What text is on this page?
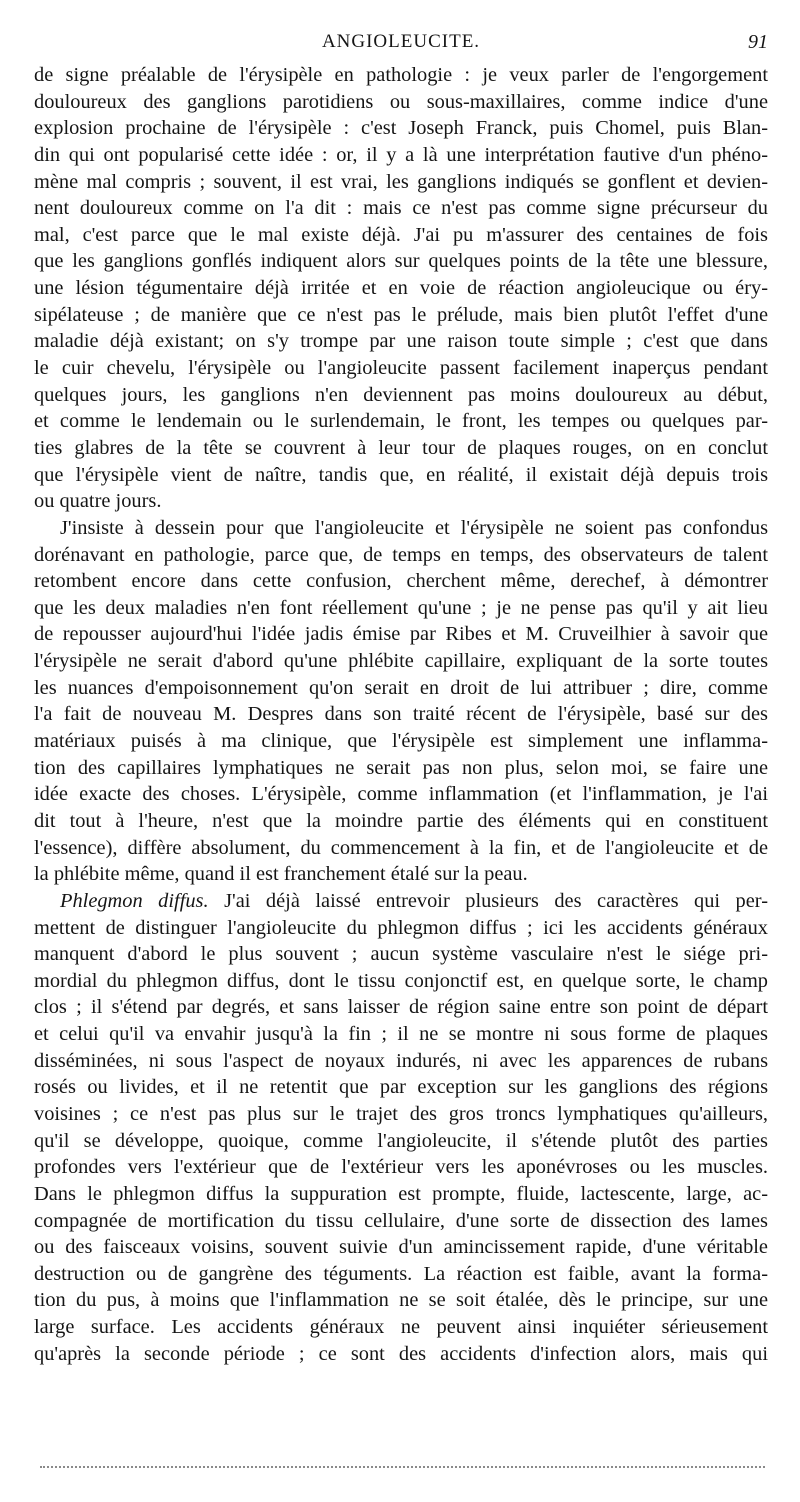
ANGIOLEUCITE.	91
de signe préalable de l'érysipèle en pathologie : je veux parler de l'engorgement
douloureux des ganglions parotidiens ou sous-maxillaires, comme indice d'une
explosion prochaine de l'érysipèle : c'est Joseph Franck, puis Chomel, puis Blan-
din qui ont popularisé cette idée : or, il y a là une interprétation fautive d'un phéno-
mène mal compris ; souvent, il est vrai, les ganglions indiqués se gonflent et devien-
nent douloureux comme on l'a dit : mais ce n'est pas comme signe précurseur du
mal, c'est parce que le mal existe déjà. J'ai pu m'assurer des centaines de fois
que les ganglions gonflés indiquent alors sur quelques points de la tête une blessure,
une lésion tégumentaire déjà irritée et en voie de réaction angioleucique ou éry-
sipélateuse ; de manière que ce n'est pas le prélude, mais bien plutôt l'effet d'une
maladie déjà existant; on s'y trompe par une raison toute simple ; c'est que dans
le cuir chevelu, l'érysipèle ou l'angioleucite passent facilement inaperçus pendant
quelques jours, les ganglions n'en deviennent pas moins douloureux au début,
et comme le lendemain ou le surlendemain, le front, les tempes ou quelques par-
ties glabres de la tête se couvrent à leur tour de plaques rouges, on en conclut
que l'érysipèle vient de naître, tandis que, en réalité, il existait déjà depuis trois
ou quatre jours.
J'insiste à dessein pour que l'angioleucite et l'érysipèle ne soient pas confondus
dorénavant en pathologie, parce que, de temps en temps, des observateurs de talent
retombent encore dans cette confusion, cherchent même, derechef, à démontrer
que les deux maladies n'en font réellement qu'une ; je ne pense pas qu'il y ait lieu
de repousser aujourd'hui l'idée jadis émise par Ribes et M. Cruveilhier à savoir que
l'érysipèle ne serait d'abord qu'une phlébite capillaire, expliquant de la sorte toutes
les nuances d'empoisonnement qu'on serait en droit de lui attribuer ; dire, comme
l'a fait de nouveau M. Despres dans son traité récent de l'érysipèle, basé sur des
matériaux puisés à ma clinique, que l'érysipèle est simplement une inflamma-
tion des capillaires lymphatiques ne serait pas non plus, selon moi, se faire une
idée exacte des choses. L'érysipèle, comme inflammation (et l'inflammation, je l'ai
dit tout à l'heure, n'est que la moindre partie des éléments qui en constituent
l'essence), diffère absolument, du commencement à la fin, et de l'angioleucite et de
la phlébite même, quand il est franchement étalé sur la peau.
Phlegmon diffus. J'ai déjà laissé entrevoir plusieurs des caractères qui per-
mettent de distinguer l'angioleucite du phlegmon diffus ; ici les accidents généraux
manquent d'abord le plus souvent ; aucun système vasculaire n'est le siége pri-
mordial du phlegmon diffus, dont le tissu conjonctif est, en quelque sorte, le champ
clos ; il s'étend par degrés, et sans laisser de région saine entre son point de départ
et celui qu'il va envahir jusqu'à la fin ; il ne se montre ni sous forme de plaques
disséminées, ni sous l'aspect de noyaux indurés, ni avec les apparences de rubans
rosés ou livides, et il ne retentit que par exception sur les ganglions des régions
voisines ; ce n'est pas plus sur le trajet des gros troncs lymphatiques qu'ailleurs,
qu'il se développe, quoique, comme l'angioleucite, il s'étende plutôt des parties
profondes vers l'extérieur que de l'extérieur vers les aponévroses ou les muscles.
Dans le phlegmon diffus la suppuration est prompte, fluide, lactescente, large, ac-
compagnée de mortification du tissu cellulaire, d'une sorte de dissection des lames
ou des faisceaux voisins, souvent suivie d'un amincissement rapide, d'une véritable
destruction ou de gangrène des téguments. La réaction est faible, avant la forma-
tion du pus, à moins que l'inflammation ne se soit étalée, dès le principe, sur une
large surface. Les accidents généraux ne peuvent ainsi inquiéter sérieusement
qu'après la seconde période ; ce sont des accidents d'infection alors, mais qui
